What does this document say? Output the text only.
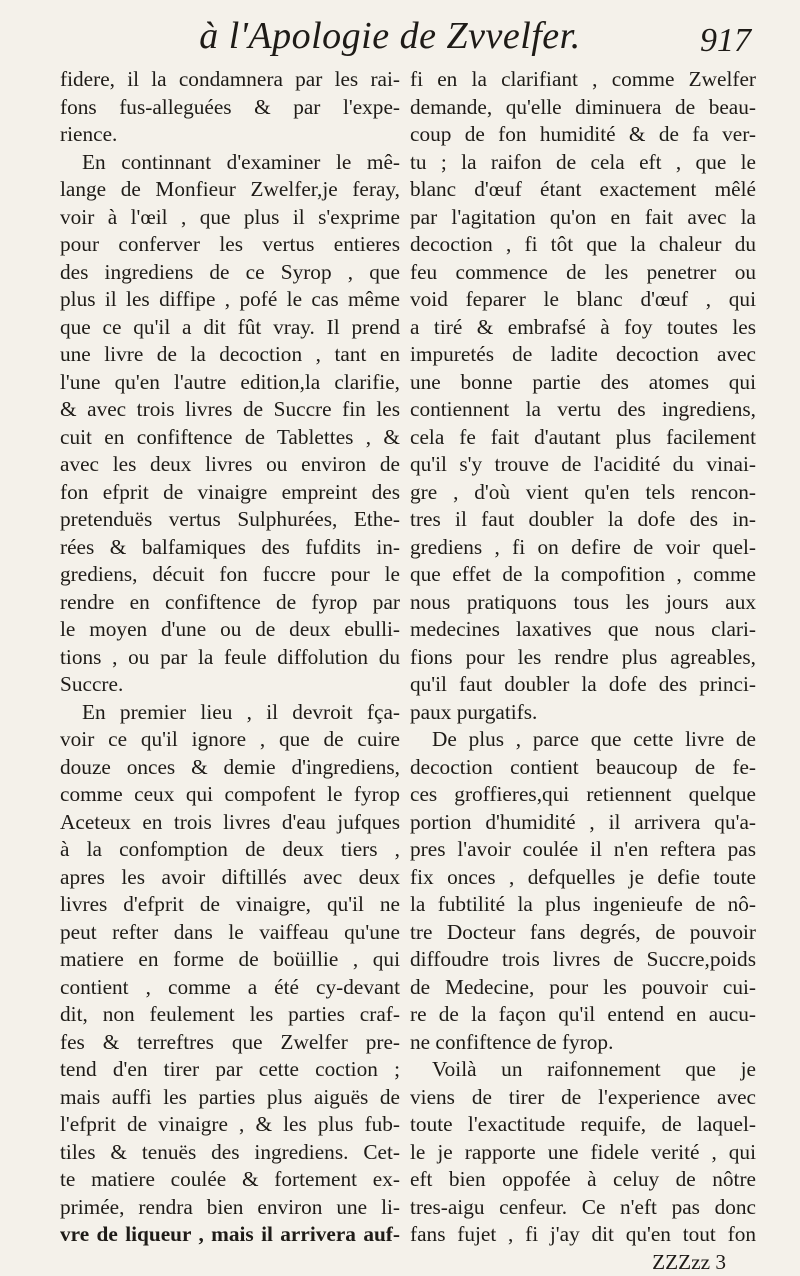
à l'Apologie de Zvvelfer.	917
fidere, il la condamnera par les rai-
fons fus-alleguées & par l'expe-
rience.
En continnant d'examiner le mê-
lange de Monfieur Zwelfer,je feray,
voir à l'œil , que plus il s'exprime
pour conferver les vertus entieres
des ingrediens de ce Syrop , que
plus il les diffipe , pofé le cas même
que ce qu'il a dit fût vray. Il prend
une livre de la decoction , tant en
l'une qu'en l'autre edition,la clarifie,
& avec trois livres de Succre fin les
cuit en confiftence de Tablettes , &
avec les deux livres ou environ de
fon efprit de vinaigre empreint des
pretenduës vertus Sulphurées, Ethe-
rées & balfamiques des fufdits in-
grediens, décuit fon fuccre pour le
rendre en confiftence de fyrop par
le moyen d'une ou de deux ebulli-
tions , ou par la feule diffolution du
Succre.
En premier lieu , il devroit fça-
voir ce qu'il ignore , que de cuire
douze onces & demie d'ingrediens,
comme ceux qui compofent le fyrop
Aceteux en trois livres d'eau jufques
à la confomption de deux tiers ,
apres les avoir diftillés avec deux
livres d'efprit de vinaigre, qu'il ne
peut refter dans le vaiffeau qu'une
matiere en forme de boüillie , qui
contient , comme a été cy-devant
dit, non feulement les parties craf-
fes & terreftres que Zwelfer pre-
tend d'en tirer par cette coction ;
mais auffi les parties plus aiguës de
l'efprit de vinaigre , & les plus fub-
tiles & tenuës des ingrediens. Cet-
te matiere coulée & fortement ex-
primée, rendra bien environ une li-
vre de liqueur , mais il arrivera auf-
fi en la clarifiant , comme Zwelfer
demande, qu'elle diminuera de beau-
coup de fon humidité & de fa ver-
tu ; la raifon de cela eft , que le
blanc d'œuf étant exactement mêlé
par l'agitation qu'on en fait avec la
decoction , fi tôt que la chaleur du
feu commence de les penetrer ou
void feparer le blanc d'œuf , qui
a tiré & embrafsé à foy toutes les
impuretés de ladite decoction avec
une bonne partie des atomes qui
contiennent la vertu des ingrediens,
cela fe fait d'autant plus facilement
qu'il s'y trouve de l'acidité du vinai-
gre , d'où vient qu'en tels rencon-
tres il faut doubler la dofe des in-
grediens , fi on defire de voir quel-
que effet de la compofition , comme
nous pratiquons tous les jours aux
medecines laxatives que nous clari-
fions pour les rendre plus agreables,
qu'il faut doubler la dofe des princi-
paux purgatifs.
De plus , parce que cette livre de
decoction contient beaucoup de fe-
ces groffieres,qui retiennent quelque
portion d'humidité , il arrivera qu'a-
pres l'avoir coulée il n'en reftera pas
fix onces , defquelles je defie toute
la fubtilité la plus ingenieufe de nô-
tre Docteur fans degrés, de pouvoir
diffoudre trois livres de Succre,poids
de Medecine, pour les pouvoir cui-
re de la façon qu'il entend en aucu-
ne confiftence de fyrop.
Voilà un raifonnement que je
viens de tirer de l'experience avec
toute l'exactitude requife, de laquel-
le je rapporte une fidele verité , qui
eft bien oppofée à celuy de nôtre
tres-aigu cenfeur. Ce n'eft pas donc
fans fujet , fi j'ay dit qu'en tout fon
ZZZzz 3
